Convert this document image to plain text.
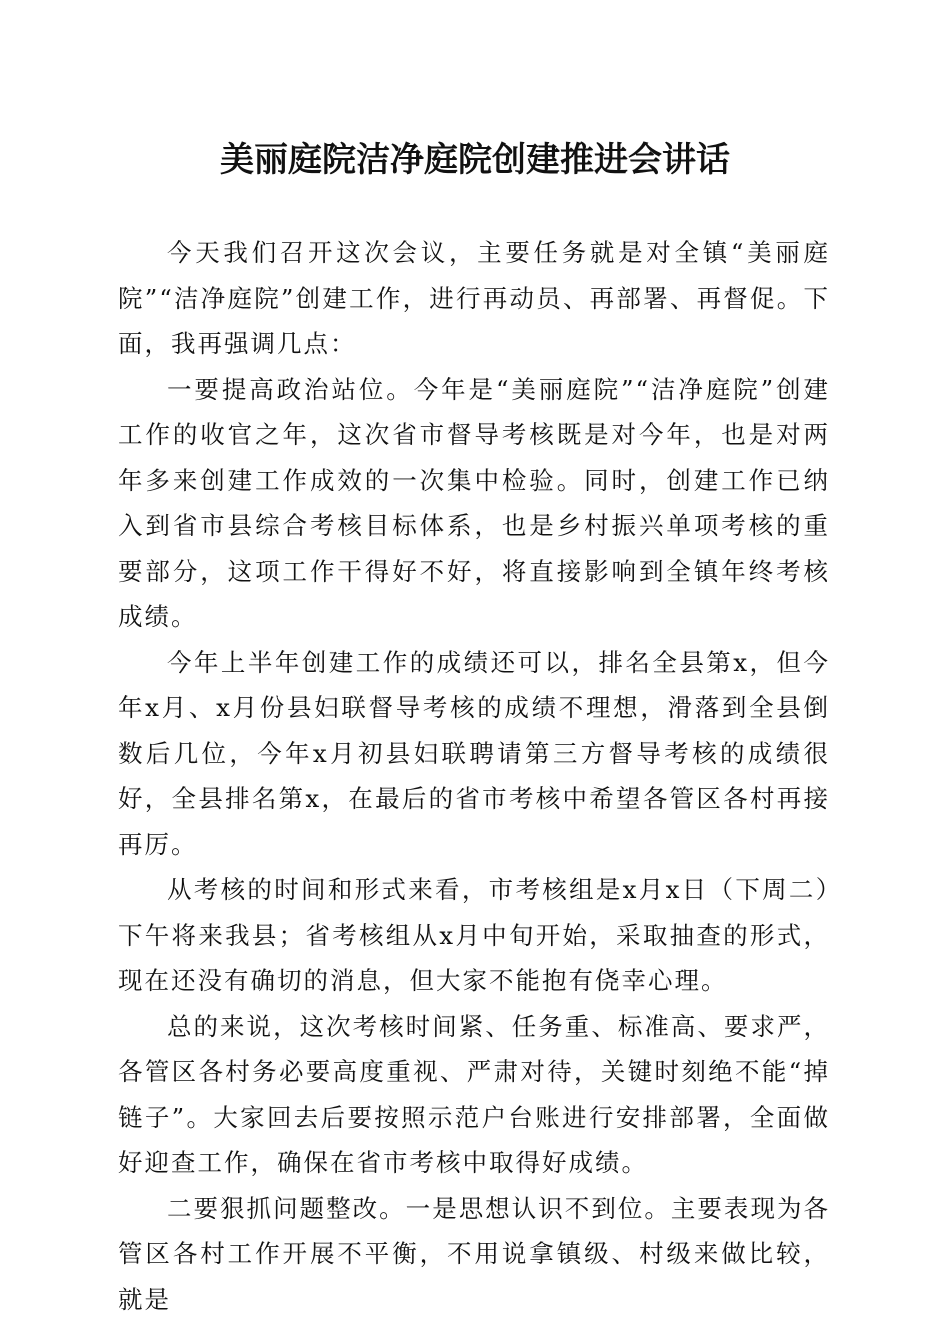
美丽庭院洁净庭院创建推进会讲话

今天我们召开这次会议，主要任务就是对全镇“美丽庭院”“洁净庭院”创建工作，进行再动员、再部署、再督促。下面，我再强调几点：

一要提高政治站位。今年是“美丽庭院”“洁净庭院”创建工作的收官之年，这次省市督导考核既是对今年，也是对两年多来创建工作成效的一次集中检验。同时，创建工作已纳入到省市县综合考核目标体系，也是乡村振兴单项考核的重要部分，这项工作干得好不好，将直接影响到全镇年终考核成绩。

今年上半年创建工作的成绩还可以，排名全县第x，但今年x月、x月份县妇联督导考核的成绩不理想，滑落到全县倒数后几位，今年x月初县妇联聘请第三方督导考核的成绩很好，全县排名第x，在最后的省市考核中希望各管区各村再接再厉。

从考核的时间和形式来看，市考核组是x月x日（下周二）下午将来我县；省考核组从x月中旬开始，采取抽查的形式，现在还没有确切的消息，但大家不能抱有侥幸心理。

总的来说，这次考核时间紧、任务重、标准高、要求严，各管区各村务必要高度重视、严肃对待，关键时刻绝不能“掉链子”。大家回去后要按照示范户台账进行安排部署，全面做好迎查工作，确保在省市考核中取得好成绩。

二要狠抓问题整改。一是思想认识不到位。主要表现为各管区各村工作开展不平衡，不用说拿镇级、村级来做比较，就是
